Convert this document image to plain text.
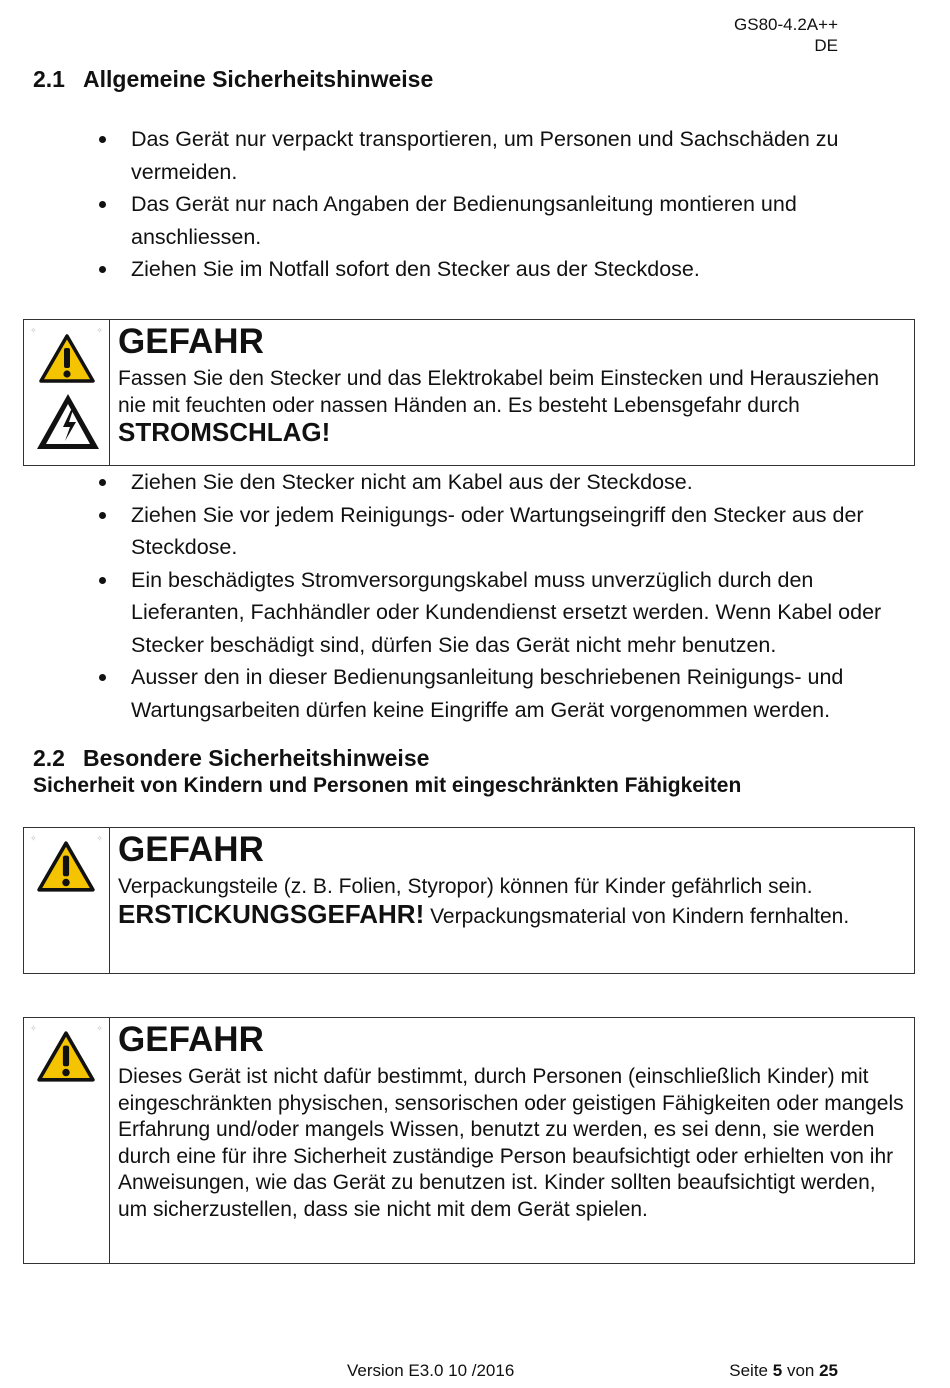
GS80-4.2A++
DE
2.1 Allgemeine Sicherheitshinweise
Das Gerät nur verpackt transportieren, um Personen und Sachschäden zu vermeiden.
Das Gerät nur nach Angaben der Bedienungsanleitung montieren und anschliessen.
Ziehen Sie im Notfall sofort den Stecker aus der Steckdose.
✧	✧ GEFAHR
Fassen Sie den Stecker und das Elektrokabel beim Einstecken und Herausziehen nie mit feuchten oder nassen Händen an. Es besteht Lebensgefahr durch STROMSCHLAG!
Ziehen Sie den Stecker nicht am Kabel aus der Steckdose.
Ziehen Sie vor jedem Reinigungs- oder Wartungseingriff den Stecker aus der Steckdose.
Ein beschädigtes Stromversorgungskabel muss unverzüglich durch den Lieferanten, Fachhändler oder Kundendienst ersetzt werden. Wenn Kabel oder Stecker beschädigt sind, dürfen Sie das Gerät nicht mehr benutzen.
Ausser den in dieser Bedienungsanleitung beschriebenen Reinigungs- und Wartungsarbeiten dürfen keine Eingriffe am Gerät vorgenommen werden.
2.2 Besondere Sicherheitshinweise
Sicherheit von Kindern und Personen mit eingeschränkten Fähigkeiten
✧	✧ GEFAHR
Verpackungsteile (z. B. Folien, Styropor) können für Kinder gefährlich sein.
ERSTICKUNGSGEFAHR! Verpackungsmaterial von Kindern fernhalten.
✧	✧ GEFAHR
Dieses Gerät ist nicht dafür bestimmt, durch Personen (einschließlich Kinder) mit eingeschränkten physischen, sensorischen oder geistigen Fähigkeiten oder mangels Erfahrung und/oder mangels Wissen, benutzt zu werden, es sei denn, sie werden durch eine für ihre Sicherheit zuständige Person beaufsichtigt oder erhielten von ihr Anweisungen, wie das Gerät zu benutzen ist. Kinder sollten beaufsichtigt werden, um sicherzustellen, dass sie nicht mit dem Gerät spielen.
Version E3.0 10 /2016	Seite 5 von 25
